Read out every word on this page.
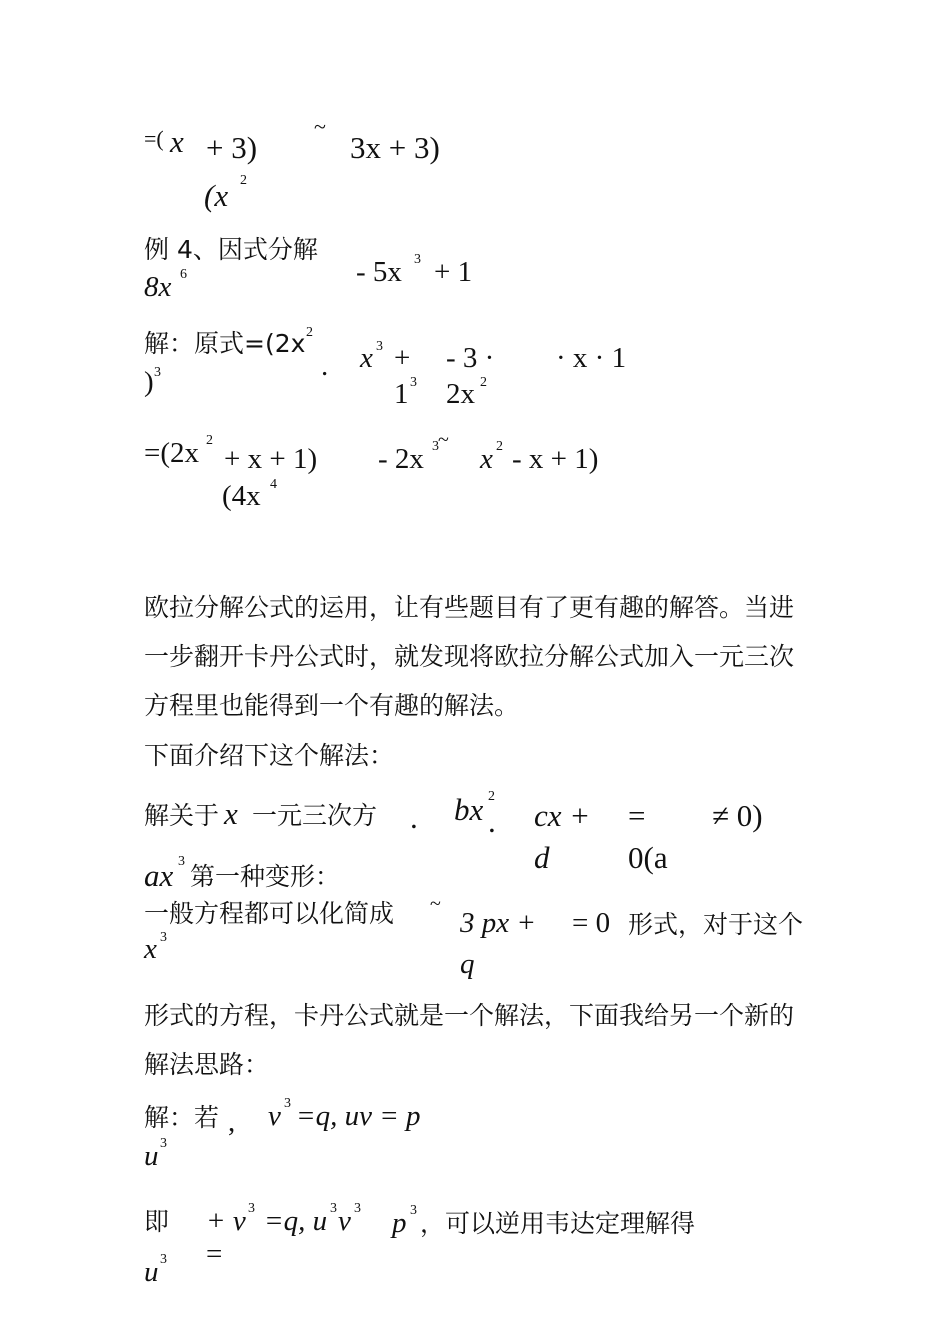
=( x + 3)
~
3x + 3)
(x 2
例 4、因式分解
8x 6	- 5x 3 + 1
解：原式=(2x 2
) 3	. x 3 + - 3 · · x · 1
1 3 2x 2
=(2x 2
+ x + 1) - 2x 3 ~
x 2 - x + 1)
(4x 4
欧拉分解公式的运用，让有些题目有了更有趣的解答。当进一步翻开卡丹公式时，就发现将欧拉分解公式加入一元三次方程里也能得到一个有趣的解法。
下面介绍下这个解法：
解关于 x 一元三次方 . bx 2
. cx + = ≠ 0)
d	0(a
ax 3
第一种变形：
一般方程都可以化简成 ~
3 px + = 0 形式，对于这个
x 3
q
形式的方程，卡丹公式就是一个解法，下面我给另一个新的解法思路：
解：若 , v 3 =q, uv = p
u 3
即 + v 3 =q, u 3 v 3 p 3 ，可以逆用韦达定理解得
u 3 =
